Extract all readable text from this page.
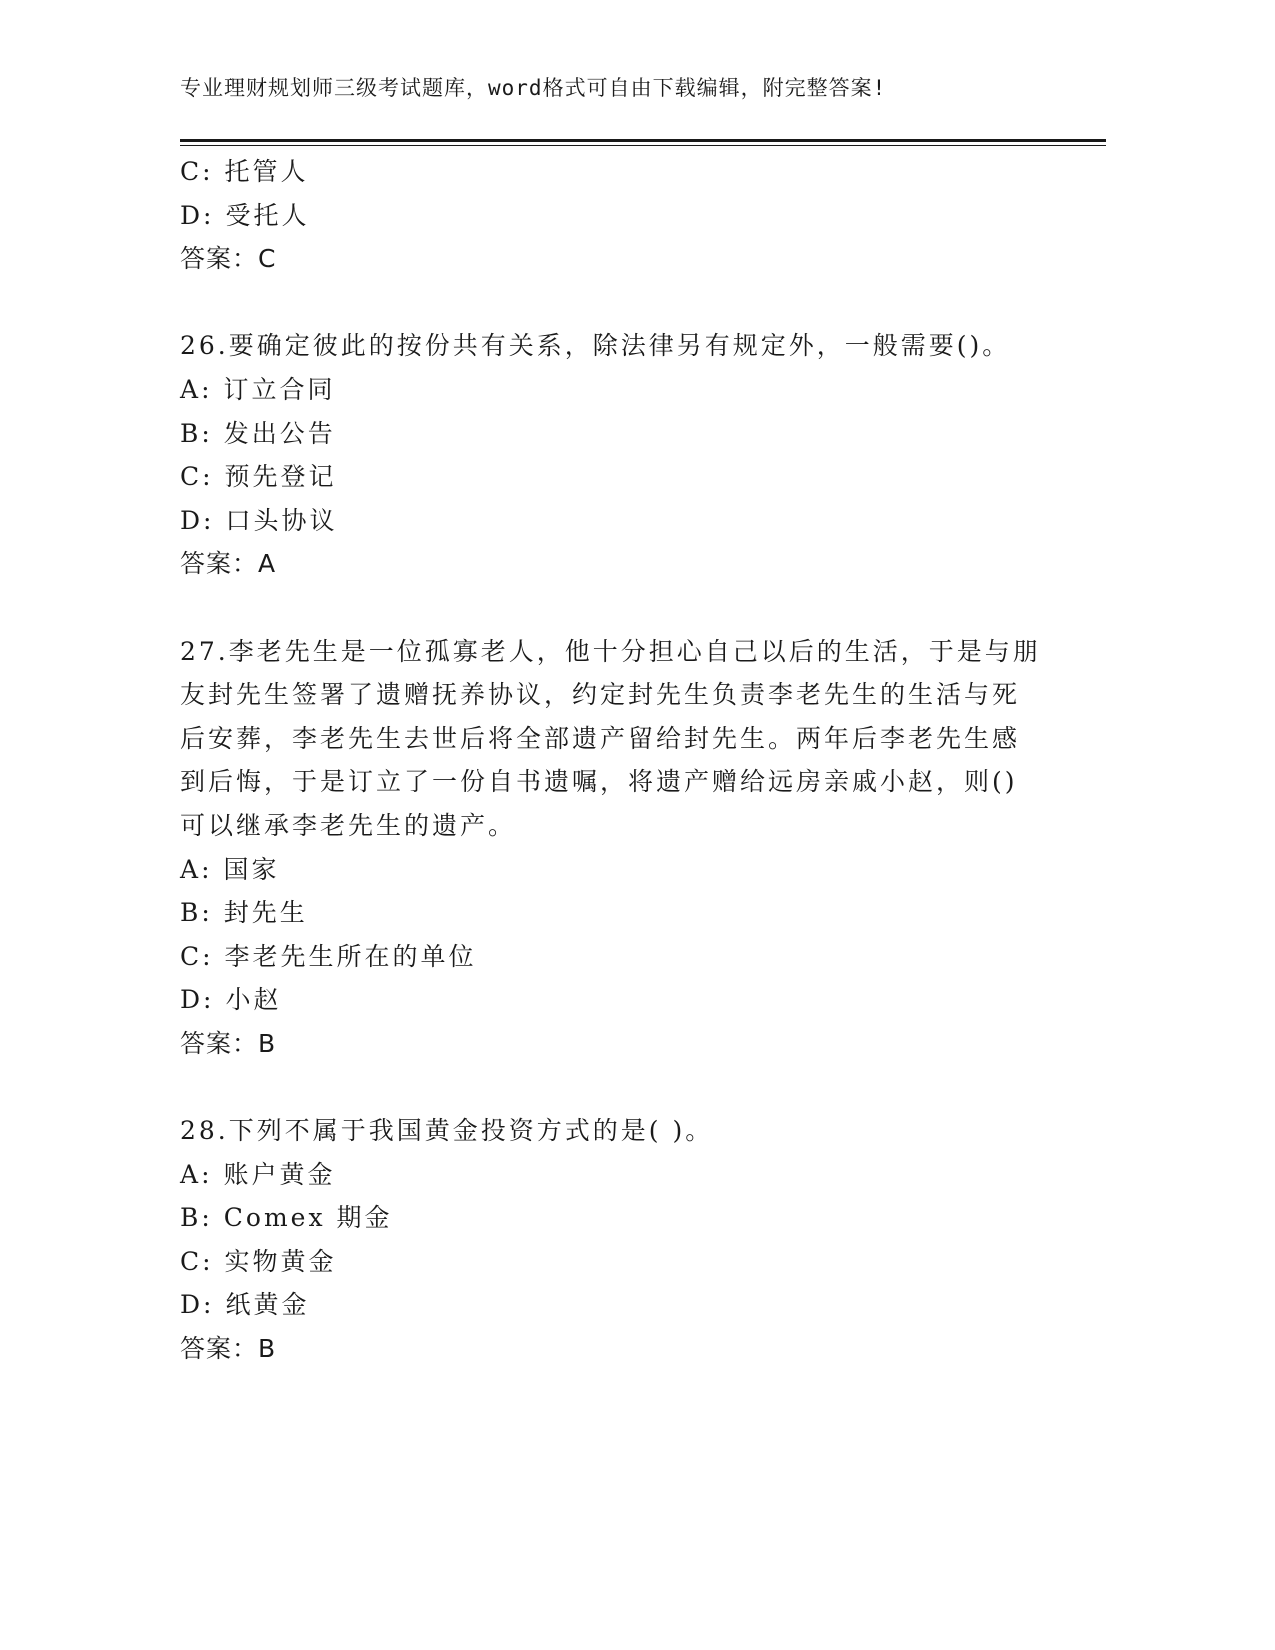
专业理财规划师三级考试题库，word格式可自由下载编辑，附完整答案!
C: 托管人
D: 受托人
答案：C
26.要确定彼此的按份共有关系，除法律另有规定外，一般需要()。
A: 订立合同
B: 发出公告
C: 预先登记
D: 口头协议
答案：A
27.李老先生是一位孤寡老人，他十分担心自己以后的生活，于是与朋
友封先生签署了遗赠抚养协议，约定封先生负责李老先生的生活与死
后安葬，李老先生去世后将全部遗产留给封先生。两年后李老先生感
到后悔，于是订立了一份自书遗嘱，将遗产赠给远房亲戚小赵，则()
可以继承李老先生的遗产。
A: 国家
B: 封先生
C: 李老先生所在的单位
D: 小赵
答案：B
28.下列不属于我国黄金投资方式的是( )。
A: 账户黄金
B: Comex 期金
C: 实物黄金
D: 纸黄金
答案：B
